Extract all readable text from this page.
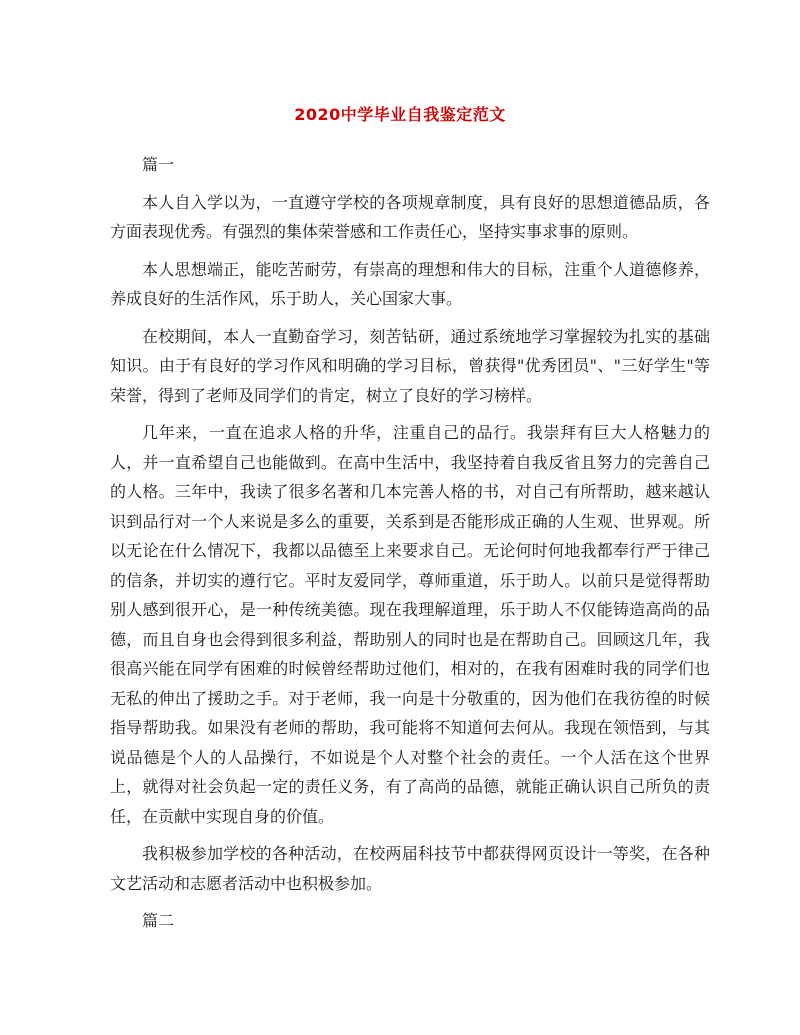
2020中学毕业自我鉴定范文

篇一

本人自入学以为，一直遵守学校的各项规章制度，具有良好的思想道德品质，各方面表现优秀。有强烈的集体荣誉感和工作责任心，坚持实事求事的原则。

本人思想端正，能吃苦耐劳，有崇高的理想和伟大的目标，注重个人道德修养，养成良好的生活作风，乐于助人，关心国家大事。

在校期间，本人一直勤奋学习，刻苦钻研，通过系统地学习掌握较为扎实的基础知识。由于有良好的学习作风和明确的学习目标，曾获得"优秀团员"、"三好学生"等荣誉，得到了老师及同学们的肯定，树立了良好的学习榜样。

几年来，一直在追求人格的升华，注重自己的品行。我崇拜有巨大人格魅力的人，并一直希望自己也能做到。在高中生活中，我坚持着自我反省且努力的完善自己的人格。三年中，我读了很多名著和几本完善人格的书，对自己有所帮助，越来越认识到品行对一个人来说是多么的重要，关系到是否能形成正确的人生观、世界观。所以无论在什么情况下，我都以品德至上来要求自己。无论何时何地我都奉行严于律己的信条，并切实的遵行它。平时友爱同学，尊师重道，乐于助人。以前只是觉得帮助别人感到很开心，是一种传统美德。现在我理解道理，乐于助人不仅能铸造高尚的品德，而且自身也会得到很多利益，帮助别人的同时也是在帮助自己。回顾这几年，我很高兴能在同学有困难的时候曾经帮助过他们，相对的，在我有困难时我的同学们也无私的伸出了援助之手。对于老师，我一向是十分敬重的，因为他们在我彷徨的时候指导帮助我。如果没有老师的帮助，我可能将不知道何去何从。我现在领悟到，与其说品德是个人的人品操行，不如说是个人对整个社会的责任。一个人活在这个世界上，就得对社会负起一定的责任义务，有了高尚的品德，就能正确认识自己所负的责任，在贡献中实现自身的价值。

我积极参加学校的各种活动，在校两届科技节中都获得网页设计一等奖，在各种文艺活动和志愿者活动中也积极参加。

篇二
